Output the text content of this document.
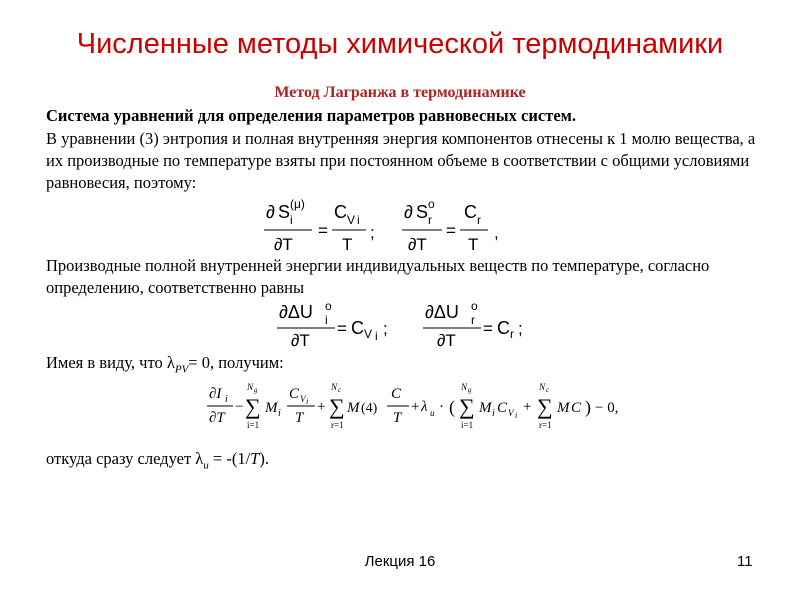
Численные методы химической термодинамики
Метод Лагранжа в термодинамике
Система уравнений для определения параметров равновесных систем.
В уравнении (3) энтропия и полная внутренняя энергия компонентов отнесены к 1 молю вещества, а их производные по температуре взяты при постоянном объеме в соответствии с общими условиями равновесия, поэтому:
∂ S i
(μ)
∂T
=
C V i
T
;
∂ S r
o
∂T
=
C r
T
,
Производные полной внутренней энергии индивидуальных веществ по температуре, согласно определению, соответственно равны
∂ΔU o
i
∂T
= C V i ;
∂ΔU o
r
∂T
= C r ;
Имея в виду, что $\lambda_{PV}= 0$, получим:
∂I i
∂T
−
N g
∑
i=1
M i
C V i
T
+
N c
∑
r=1
M (4)
C
T
+ λ u · (
N g
∑
i=1
M i C V i
+
N c
∑
r=1
M C ) − 0,
откуда сразу следует $\lambda_u = -(1/T)$.
Лекция 16	11
